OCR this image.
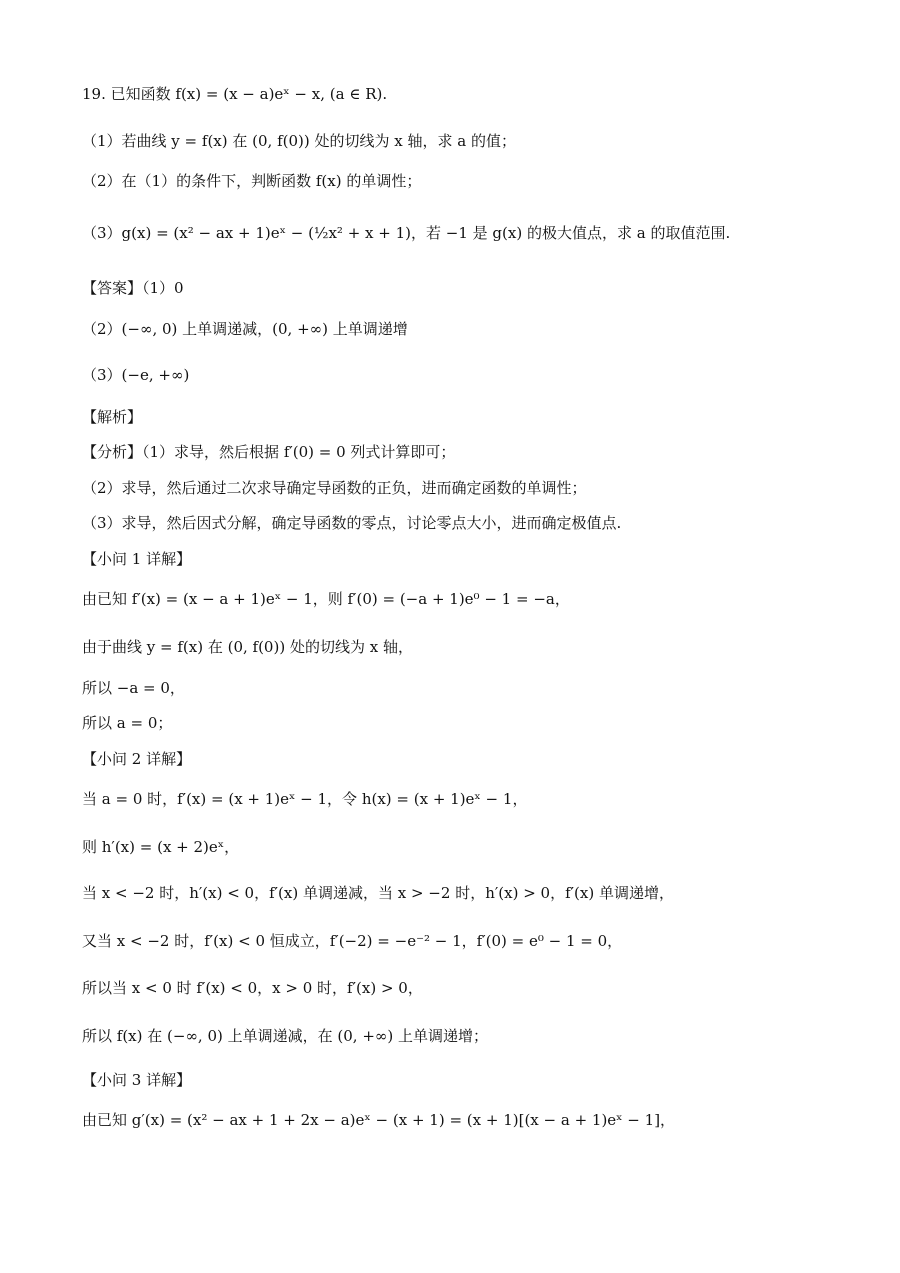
19. 已知函数 f(x) = (x − a)eˣ − x, (a ∈ R).
（1）若曲线 y = f(x) 在 (0, f(0)) 处的切线为 x 轴，求 a 的值；
（2）在（1）的条件下，判断函数 f(x) 的单调性；
（3）g(x) = (x² − ax + 1)eˣ − (½x² + x + 1)，若 −1 是 g(x) 的极大值点，求 a 的取值范围.
【答案】（1）0
（2）(−∞, 0) 上单调递减，(0, +∞) 上单调递增
（3）(−e, +∞)
【解析】
【分析】（1）求导，然后根据 f′(0) = 0 列式计算即可；
（2）求导，然后通过二次求导确定导函数的正负，进而确定函数的单调性；
（3）求导，然后因式分解，确定导函数的零点，讨论零点大小，进而确定极值点.
【小问 1 详解】
由已知 f′(x) = (x − a + 1)eˣ − 1，则 f′(0) = (−a + 1)e⁰ − 1 = −a，
由于曲线 y = f(x) 在 (0, f(0)) 处的切线为 x 轴，
所以 −a = 0，
所以 a = 0；
【小问 2 详解】
当 a = 0 时，f′(x) = (x + 1)eˣ − 1，令 h(x) = (x + 1)eˣ − 1，
则 h′(x) = (x + 2)eˣ，
当 x < −2 时，h′(x) < 0，f′(x) 单调递减，当 x > −2 时，h′(x) > 0，f′(x) 单调递增，
又当 x < −2 时，f′(x) < 0 恒成立，f′(−2) = −e⁻² − 1，f′(0) = e⁰ − 1 = 0，
所以当 x < 0 时 f′(x) < 0，x > 0 时，f′(x) > 0，
所以 f(x) 在 (−∞, 0) 上单调递减，在 (0, +∞) 上单调递增；
【小问 3 详解】
由已知 g′(x) = (x² − ax + 1 + 2x − a)eˣ − (x + 1) = (x + 1)[(x − a + 1)eˣ − 1]，
